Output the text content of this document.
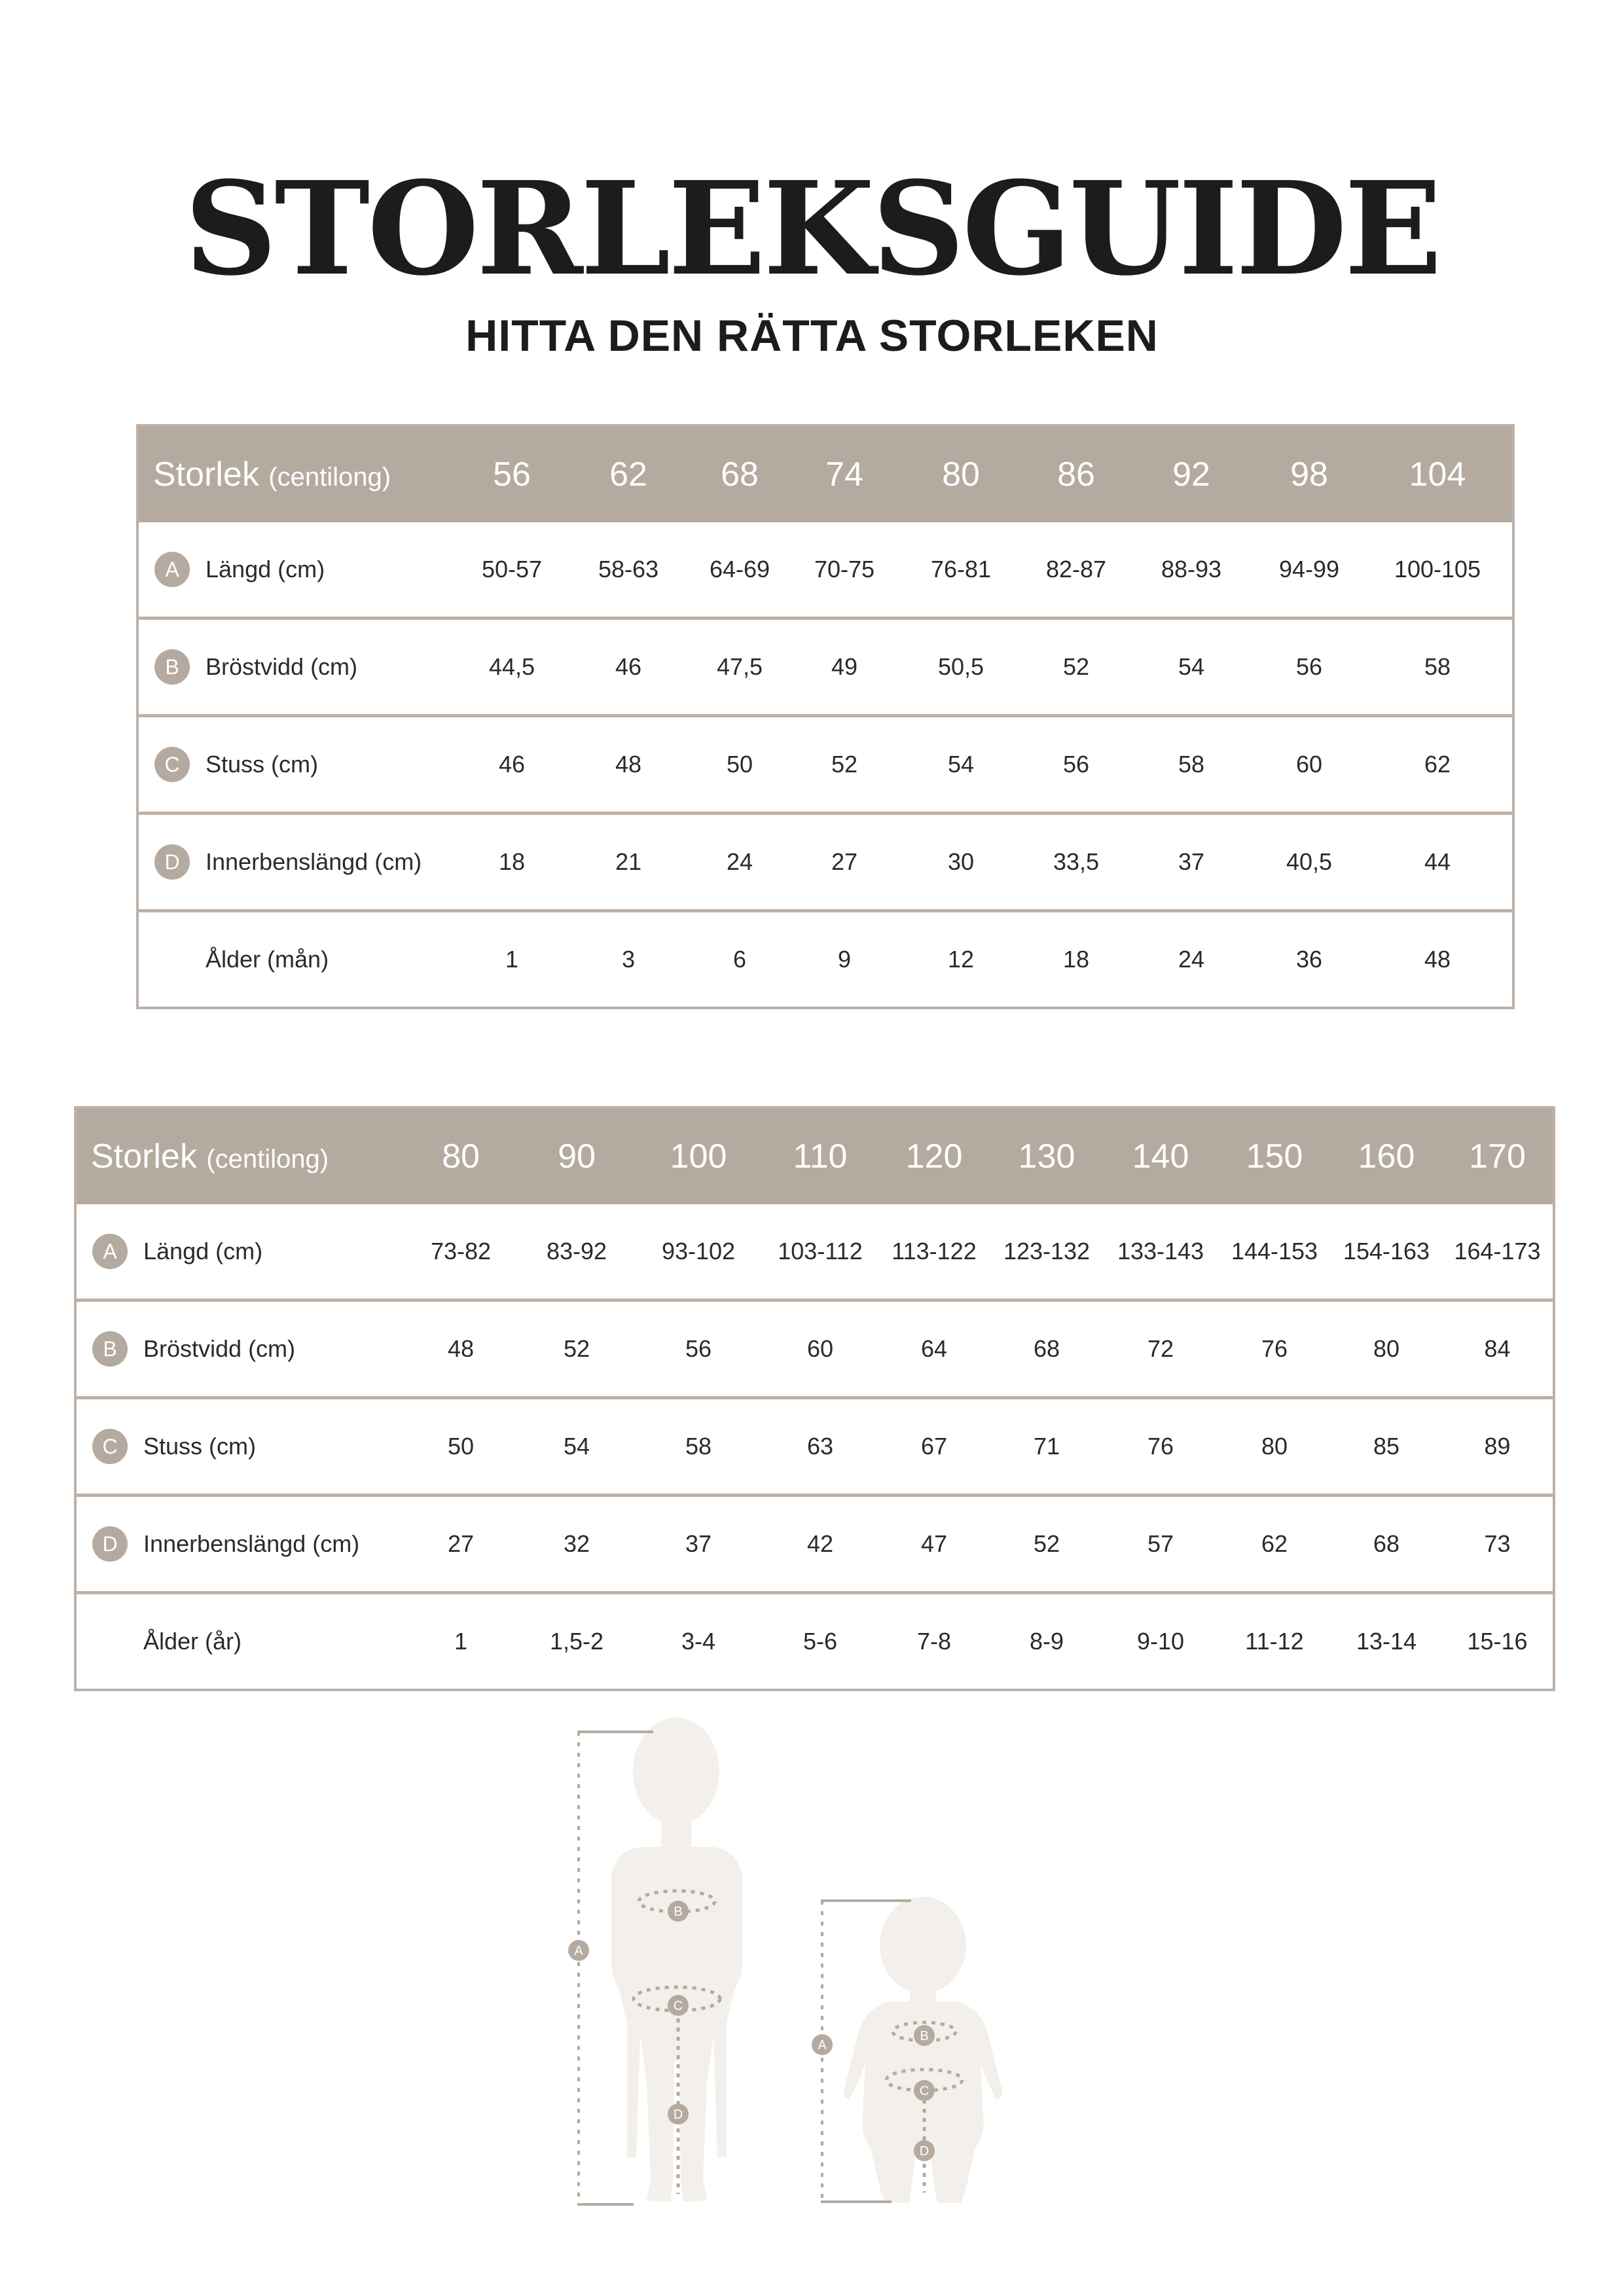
STORLEKSGUIDE
HITTA DEN RÄTTA STORLEKEN
Storlek (centilong)	56	62	68	74	80	86	92	98	104
A Längd (cm)	50-57	58-63	64-69	70-75	76-81	82-87	88-93	94-99	100-105
B Bröstvidd (cm)	44,5	46	47,5	49	50,5	52	54	56	58
C Stuss (cm)	46	48	50	52	54	56	58	60	62
D Innerbenslängd (cm)	18	21	24	27	30	33,5	37	40,5	44
Ålder (mån)	1	3	6	9	12	18	24	36	48
Storlek (centilong)	80	90	100	110	120	130	140	150	160	170
A Längd (cm)	73-82	83-92	93-102	103-112	113-122	123-132	133-143	144-153	154-163	164-173
B Bröstvidd (cm)	48	52	56	60	64	68	72	76	80	84
C Stuss (cm)	50	54	58	63	67	71	76	80	85	89
D Innerbenslängd (cm)	27	32	37	42	47	52	57	62	68	73
Ålder (år)	1	1,5-2	3-4	5-6	7-8	8-9	9-10	11-12	13-14	15-16
A
B
C
D
A
B
C
D
